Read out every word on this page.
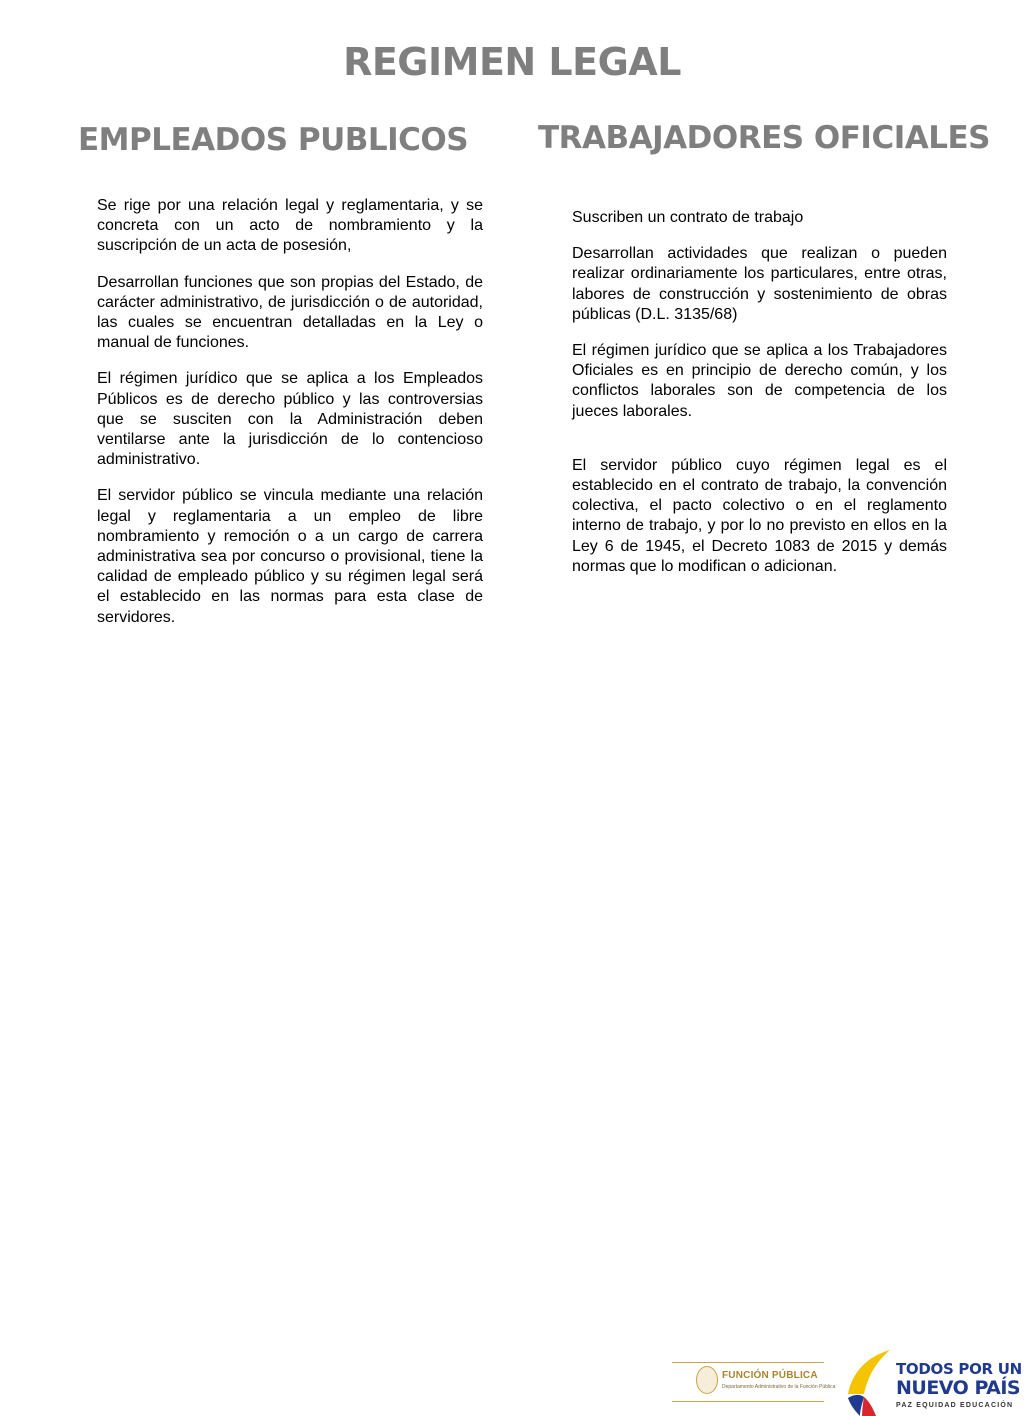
REGIMEN LEGAL
EMPLEADOS PUBLICOS TRABAJADORES OFICIALES

Se rige por una relación legal y reglamentaria, y se concreta con un acto de nombramiento y la suscripción de un acta de posesión,

Desarrollan funciones que son propias del Estado, de carácter administrativo, de jurisdicción o de autoridad, las cuales se encuentran detalladas en la Ley o manual de funciones.

El régimen jurídico que se aplica a los Empleados Públicos es de derecho público y las controversias que se susciten con la Administración deben ventilarse ante la jurisdicción de lo contencioso administrativo.

El servidor público se vincula mediante una relación legal y reglamentaria a un empleo de libre nombramiento y remoción o a un cargo de carrera administrativa sea por concurso o provisional, tiene la calidad de empleado público y su régimen legal será el establecido en las normas para esta clase de servidores.

Suscriben un contrato de trabajo

Desarrollan actividades que realizan o pueden realizar ordinariamente los particulares, entre otras, labores de construcción y sostenimiento de obras públicas (D.L. 3135/68)

El régimen jurídico que se aplica a los Trabajadores Oficiales es en principio de derecho común, y los conflictos laborales son de competencia de los jueces laborales.

El servidor público cuyo régimen legal es el establecido en el contrato de trabajo, la convención colectiva, el pacto colectivo o en el reglamento interno de trabajo, y por lo no previsto en ellos en la Ley 6 de 1945, el Decreto 1083 de 2015 y demás normas que lo modifican o adicionan.

FUNCIÓN PÚBLICA
Departamento Administrativo de la Función Pública
TODOS POR UN
NUEVO PAÍS
PAZ EQUIDAD EDUCACIÓN
